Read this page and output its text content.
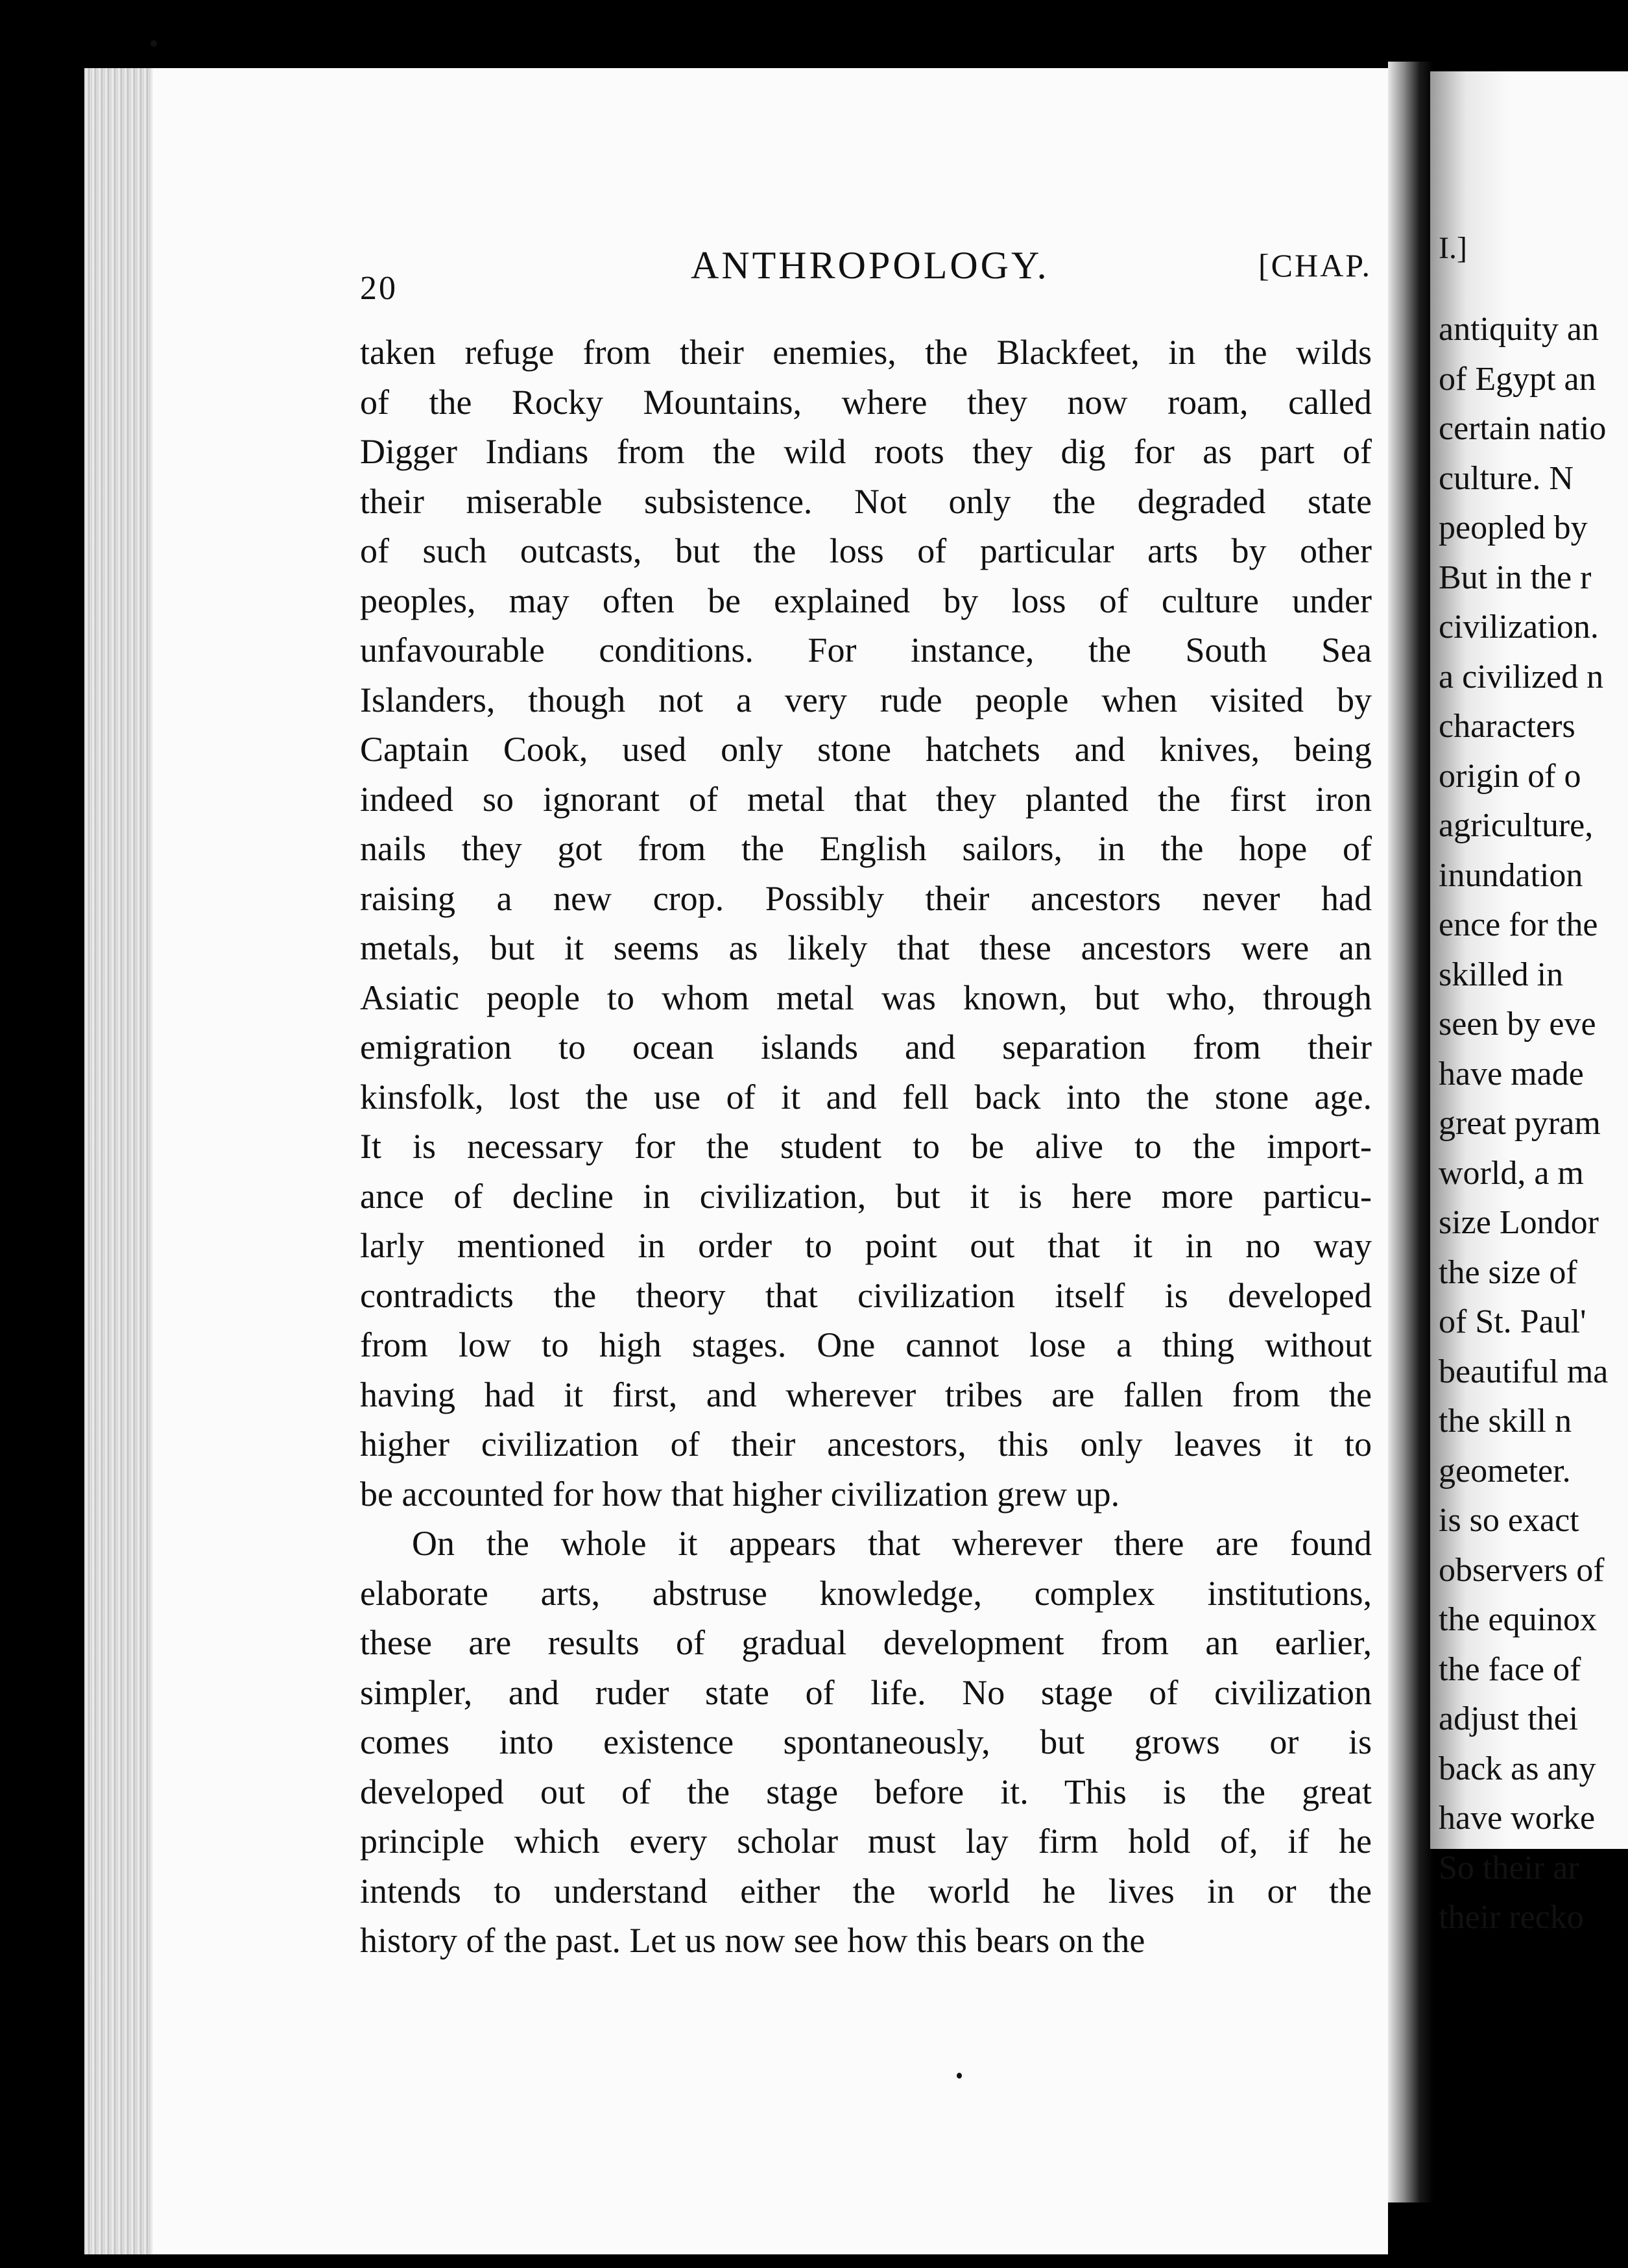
20
ANTHROPOLOGY.	[CHAP.
taken refuge from their enemies, the Blackfeet, in the wilds
of the Rocky Mountains, where they now roam, called
Digger Indians from the wild roots they dig for as part of
their miserable subsistence. Not only the degraded state
of such outcasts, but the loss of particular arts by other
peoples, may often be explained by loss of culture under
unfavourable conditions. For instance, the South Sea
Islanders, though not a very rude people when visited by
Captain Cook, used only stone hatchets and knives, being
indeed so ignorant of metal that they planted the first iron
nails they got from the English sailors, in the hope of
raising a new crop. Possibly their ancestors never had
metals, but it seems as likely that these ancestors were an
Asiatic people to whom metal was known, but who, through
emigration to ocean islands and separation from their
kinsfolk, lost the use of it and fell back into the stone age.
It is necessary for the student to be alive to the import-
ance of decline in civilization, but it is here more particu-
larly mentioned in order to point out that it in no way
contradicts the theory that civilization itself is developed
from low to high stages. One cannot lose a thing without
having had it first, and wherever tribes are fallen from the
higher civilization of their ancestors, this only leaves it to
be accounted for how that higher civilization grew up.
On the whole it appears that wherever there are found
elaborate arts, abstruse knowledge, complex institutions,
these are results of gradual development from an earlier,
simpler, and ruder state of life. No stage of civilization
comes into existence spontaneously, but grows or is
developed out of the stage before it. This is the great
principle which every scholar must lay firm hold of, if he
intends to understand either the world he lives in or the
history of the past. Let us now see how this bears on the
I.]
antiquity an
of Egypt an
certain natio
culture. N
peopled by
But in the r
civilization.
a civilized n
characters
origin of o
agriculture,
inundation
ence for the
skilled in
seen by eve
have made
great pyram
world, a m
size Londor
the size of
of St. Paul'
beautiful ma
the skill n
geometer.
is so exact
observers of
the equinox
the face of
adjust thei
back as any
have worke
So their ar
their recko
